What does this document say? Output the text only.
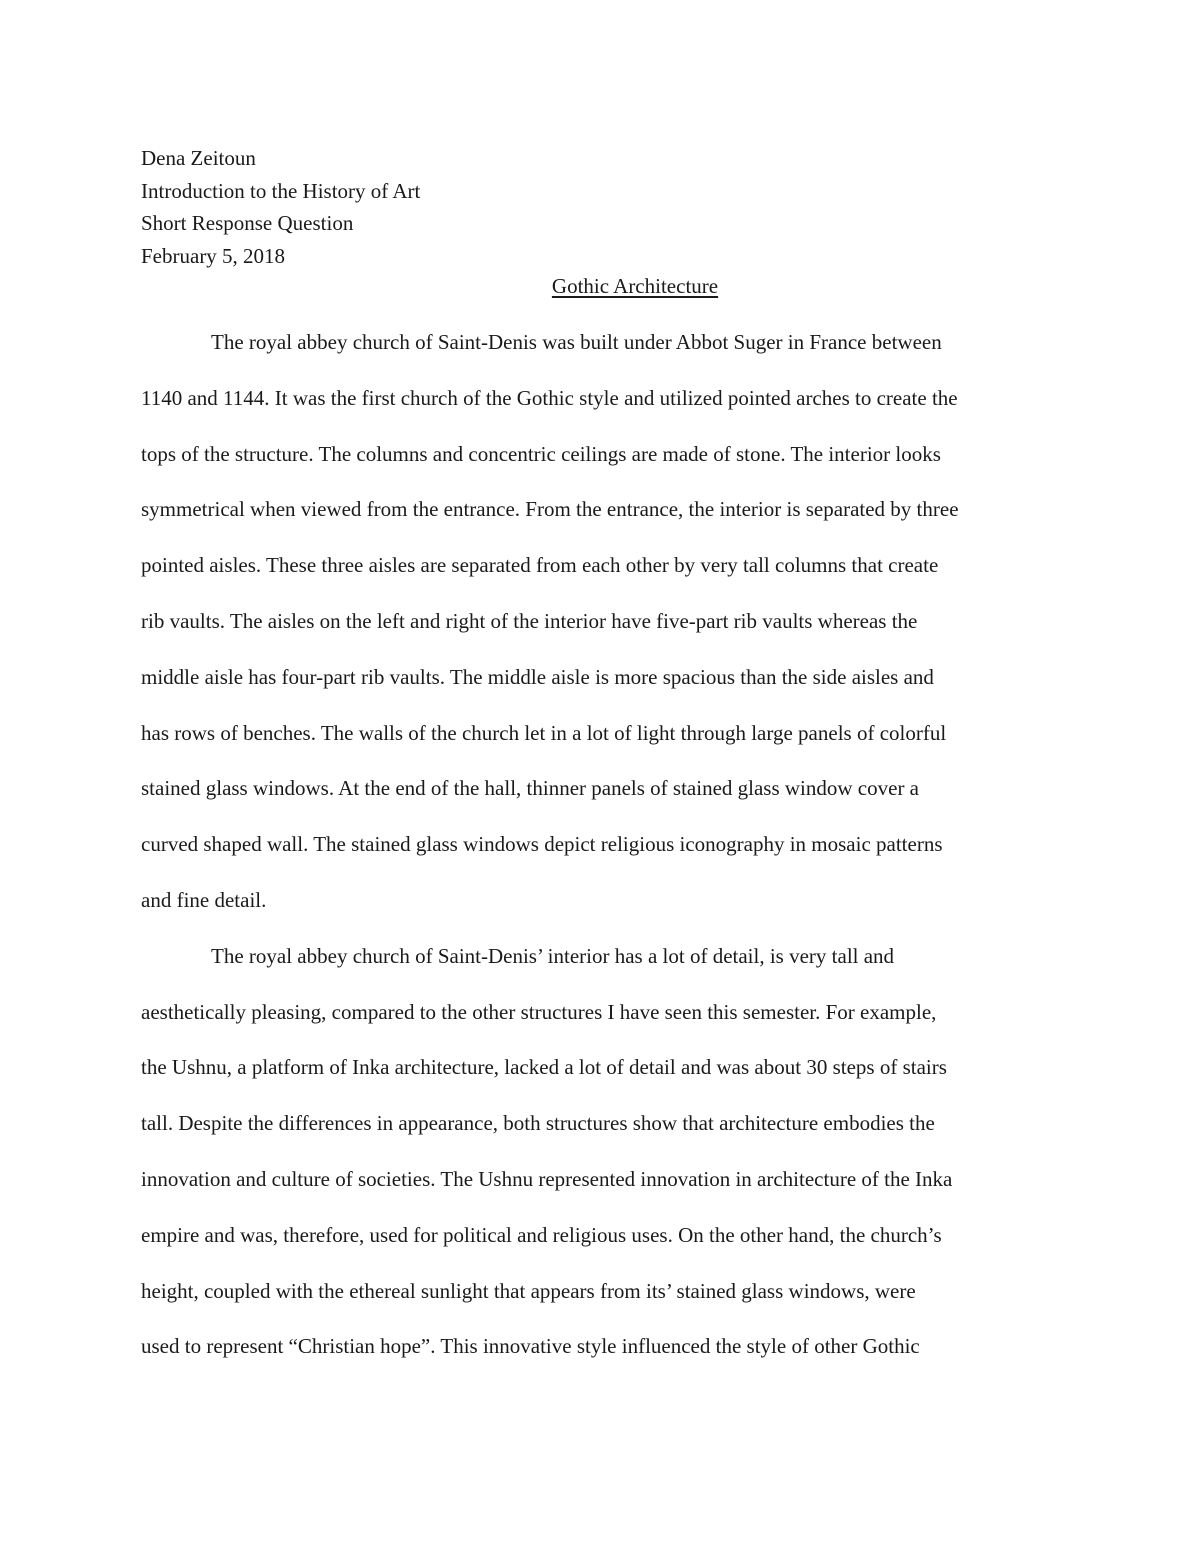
Dena Zeitoun
Introduction to the History of Art
Short Response Question
February 5, 2018
Gothic Architecture
The royal abbey church of Saint-Denis was built under Abbot Suger in France between
1140 and 1144. It was the first church of the Gothic style and utilized pointed arches to create the
tops of the structure. The columns and concentric ceilings are made of stone. The interior looks
symmetrical when viewed from the entrance. From the entrance, the interior is separated by three
pointed aisles. These three aisles are separated from each other by very tall columns that create
rib vaults. The aisles on the left and right of the interior have five-part rib vaults whereas the
middle aisle has four-part rib vaults. The middle aisle is more spacious than the side aisles and
has rows of benches. The walls of the church let in a lot of light through large panels of colorful
stained glass windows. At the end of the hall, thinner panels of stained glass window cover a
curved shaped wall. The stained glass windows depict religious iconography in mosaic patterns
and fine detail.
The royal abbey church of Saint-Denis’ interior has a lot of detail, is very tall and
aesthetically pleasing, compared to the other structures I have seen this semester. For example,
the Ushnu, a platform of Inka architecture, lacked a lot of detail and was about 30 steps of stairs
tall. Despite the differences in appearance, both structures show that architecture embodies the
innovation and culture of societies. The Ushnu represented innovation in architecture of the Inka
empire and was, therefore, used for political and religious uses. On the other hand, the church’s
height, coupled with the ethereal sunlight that appears from its’ stained glass windows, were
used to represent “Christian hope”. This innovative style influenced the style of other Gothic
